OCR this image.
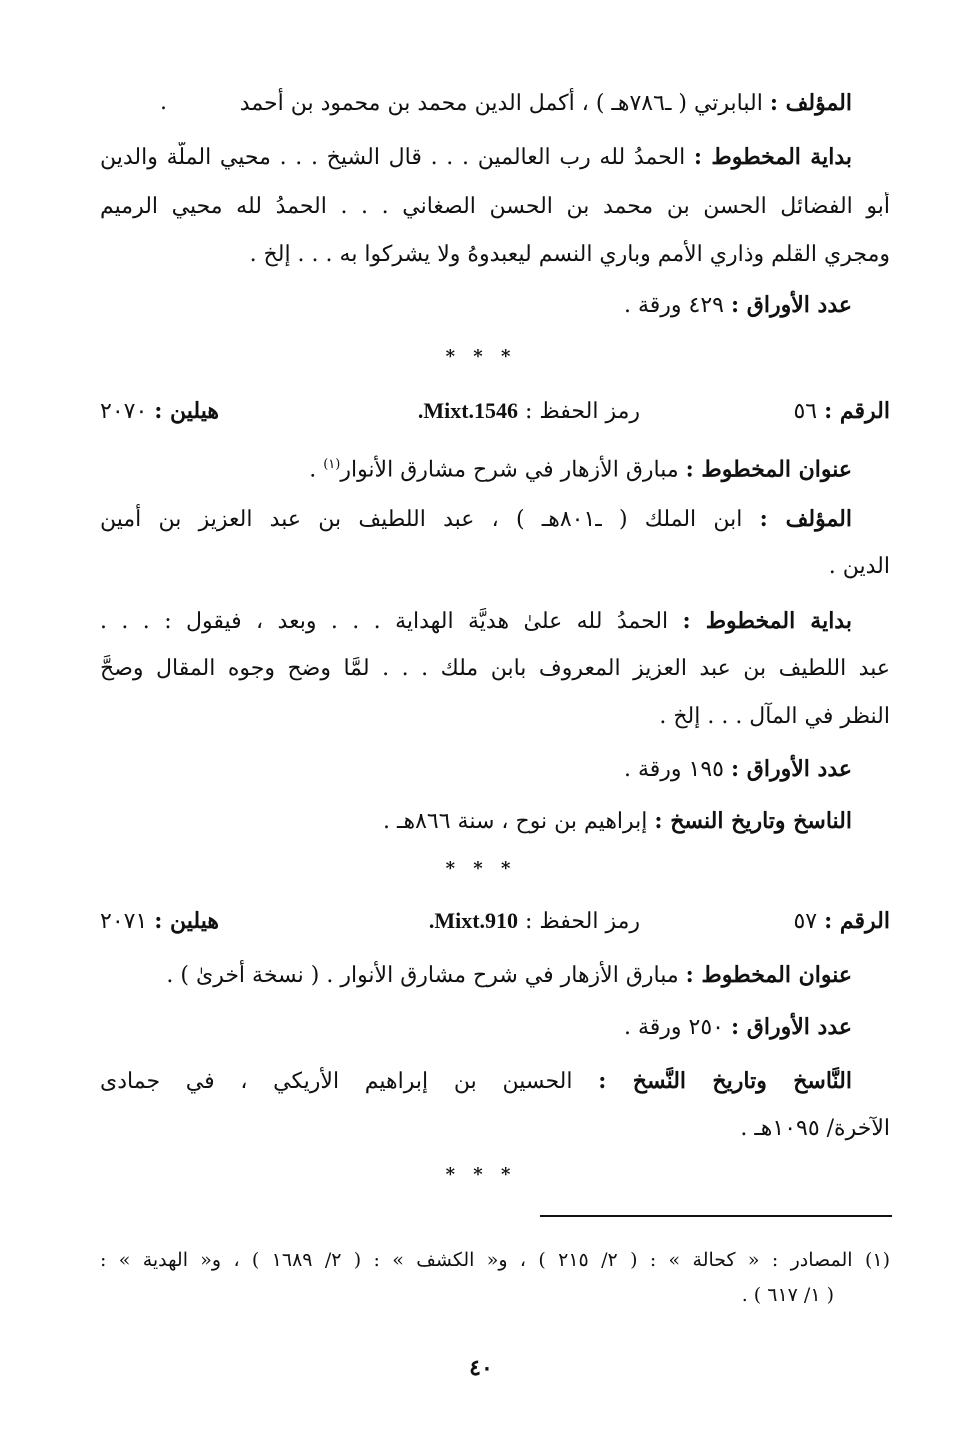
المؤلف : البابرتي ( ـ٧٨٦هـ ) ، أكمل الدين محمد بن محمود بن أحمد
.
بداية المخطوط : الحمدُ لله رب العالمين . . . قال الشيخ . . . محيي الملَّة والدين
أبو الفضائل الحسن بن محمد بن الحسن الصغاني . . . الحمدُ لله محيي الرميم
ومجري القلم وذاري الأمم وباري النسم ليعبدوهُ ولا يشركوا به . . . إلخ .
عدد الأوراق : ٤٢٩ ورقة .
* * *
الرقم : ٥٦
رمز الحفظ : Mixt.1546.
هيلين : ٢٠٧٠
عنوان المخطوط : مبارق الأزهار في شرح مشارق الأنوار$^{(١)}$ .
المؤلف : ابن الملك ( ـ٨٠١هـ ) ، عبد اللطيف بن عبد العزيز بن أمين
الدين .
بداية المخطوط : الحمدُ لله علىٰ هديَّة الهداية . . . وبعد ، فيقول : . . .
عبد اللطيف بن عبد العزيز المعروف بابن ملك . . . لمَّا وضح وجوه المقال وصحَّ
النظر في المآل . . . إلخ .
عدد الأوراق : ١٩٥ ورقة .
الناسخ وتاريخ النسخ : إبراهيم بن نوح ، سنة ٨٦٦هـ .
* * *
الرقم : ٥٧
رمز الحفظ : Mixt.910.
هيلين : ٢٠٧١
عنوان المخطوط : مبارق الأزهار في شرح مشارق الأنوار . ( نسخة أخرىٰ ) .
عدد الأوراق : ٢٥٠ ورقة .
النَّاسخ وتاريخ النَّسخ : الحسين بن إبراهيم الأريكي ، في جمادى
الآخرة/ ١٠٩٥هـ .
* * *
(١) المصادر : « كحالة » : ( ٢/ ٢١٥ ) ، و« الكشف » : ( ٢/ ١٦٨٩ ) ، و« الهدية » :
( ١/ ٦١٧ ) .
٤٠
